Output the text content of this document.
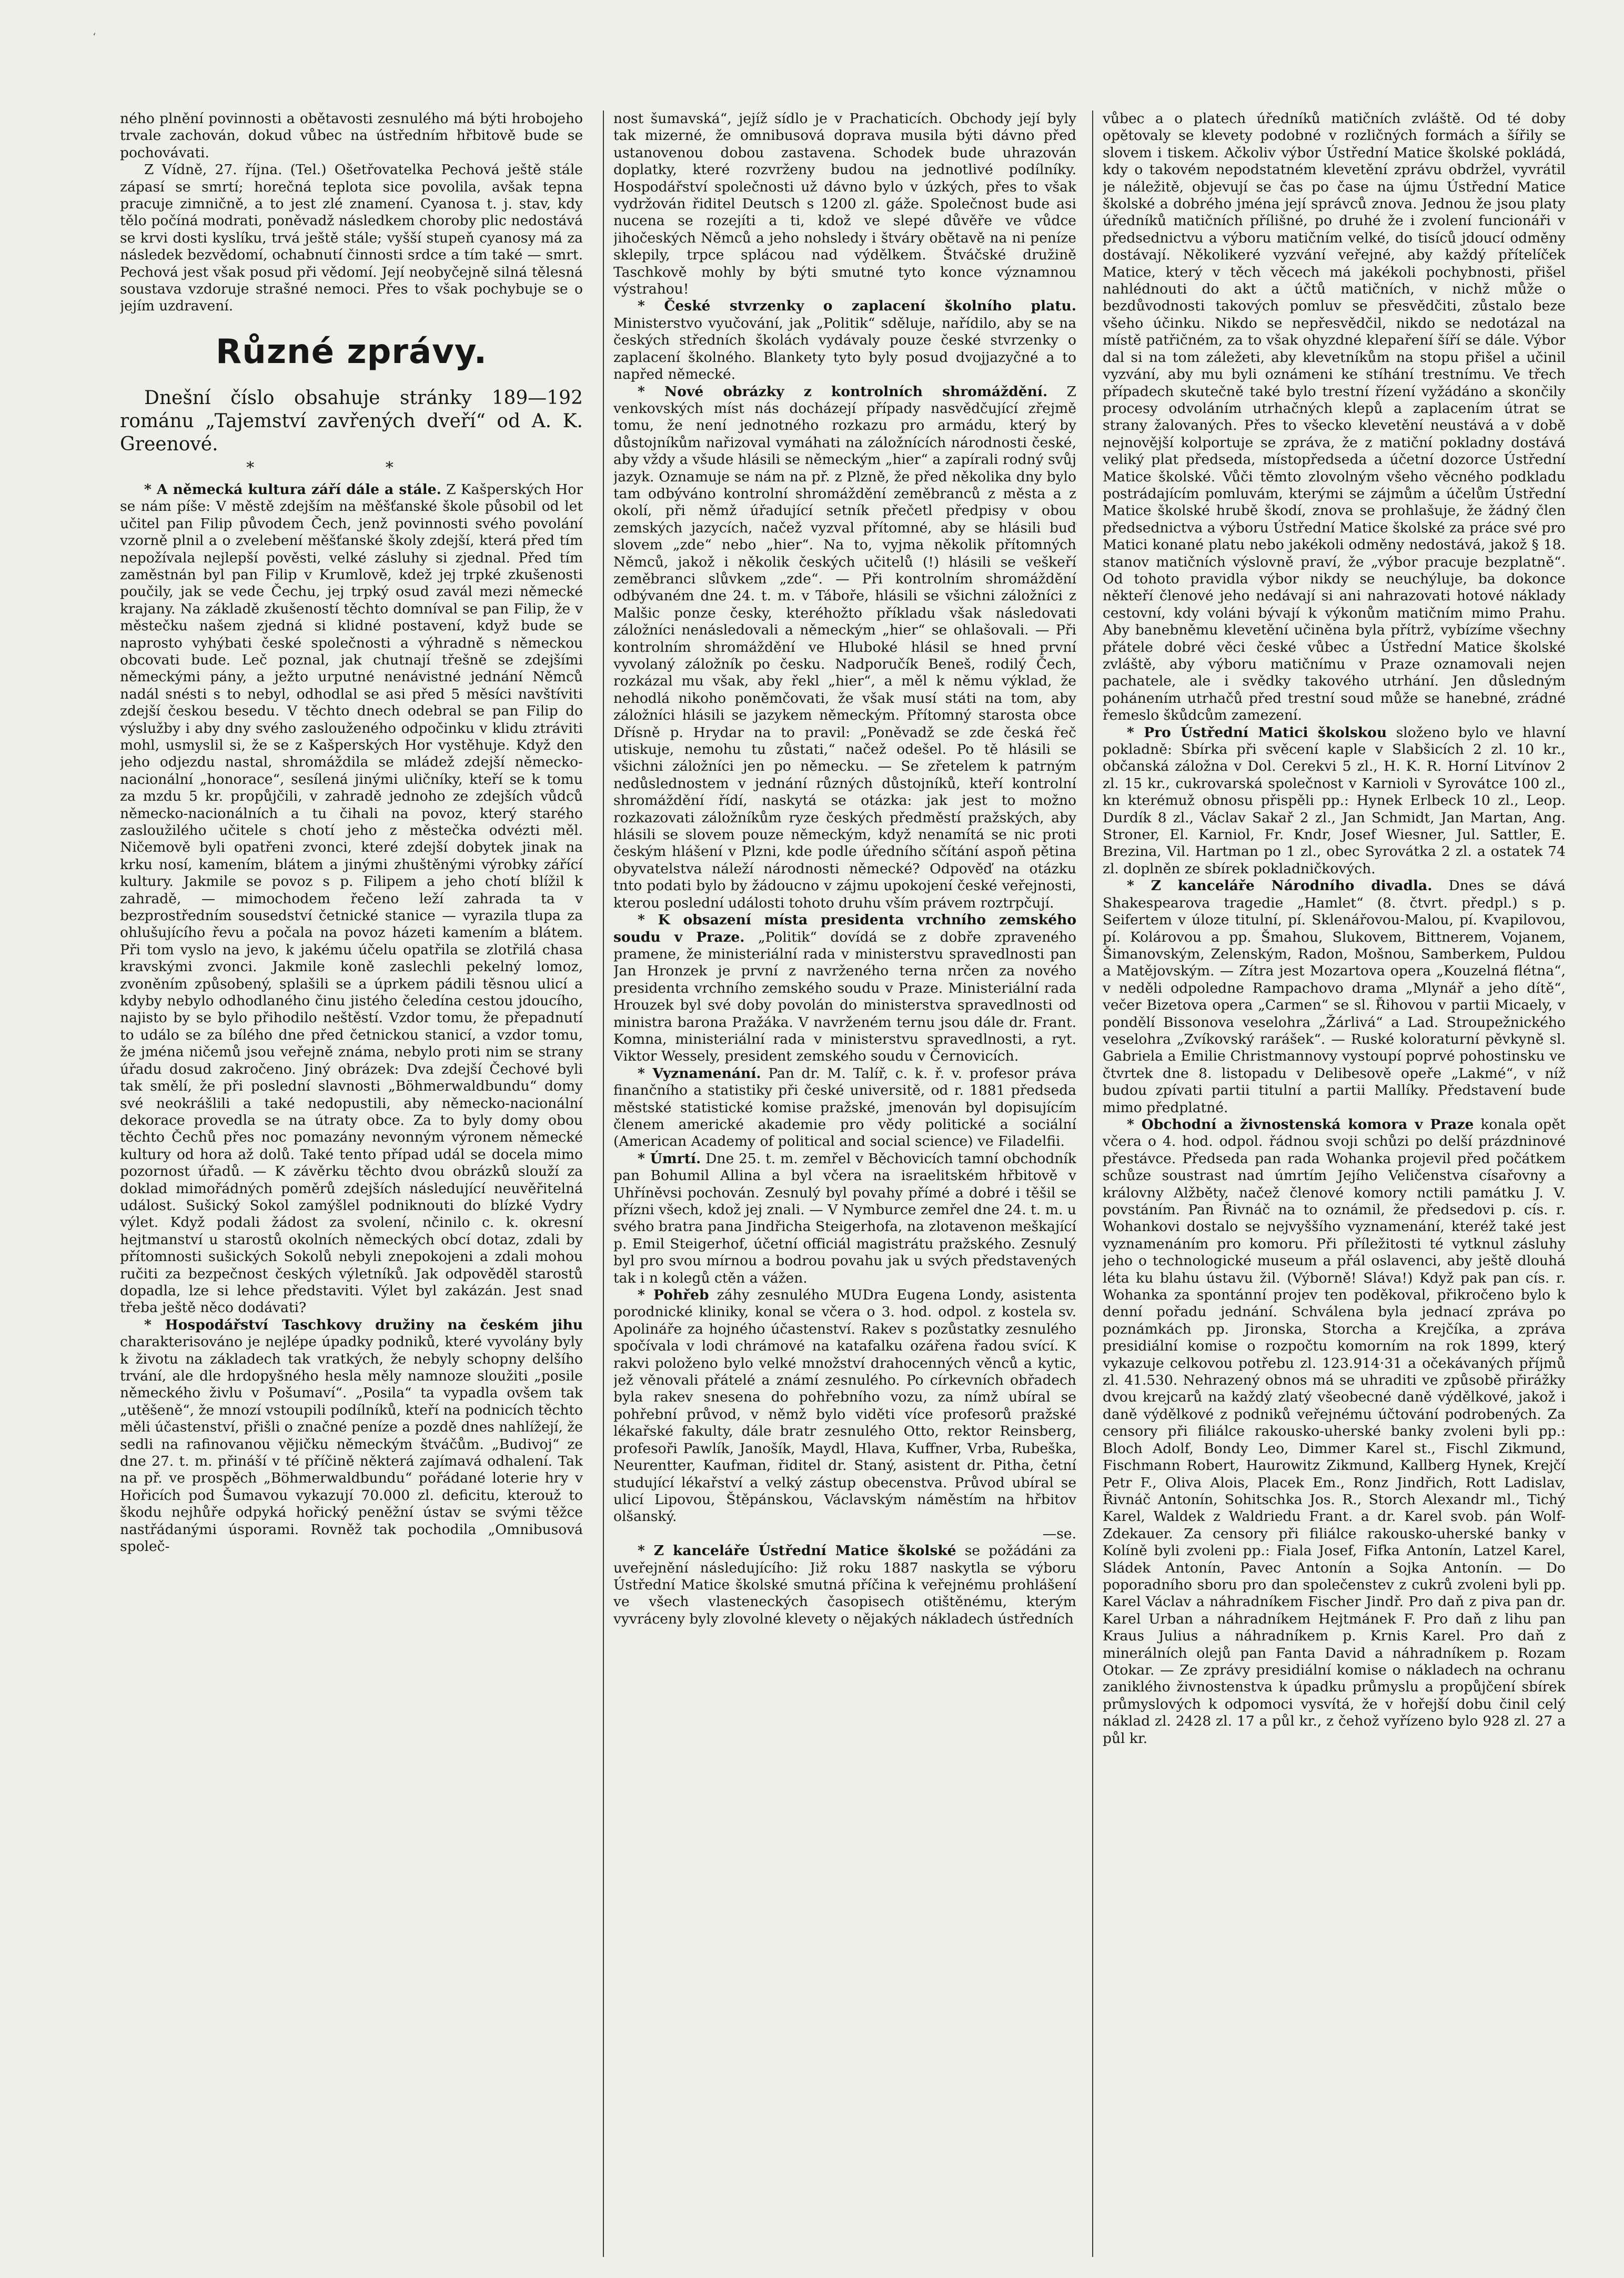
ʻ

ného plnění povinnosti a obětavosti zesnulého má býti hrobojeho trvale zachován, dokud vůbec na ústředním hřbitově bude se pochovávati.

Z Vídně, 27. října. (Tel.) Ošetřovatelka Pechová ještě stále zápasí se smrtí; horečná teplota sice povolila, avšak tepna pracuje zimničně, a to jest zlé znamení. Cyanosa t. j. stav, kdy tělo počíná modrati, poněvadž následkem choroby plic nedostává se krvi dosti kyslíku, trvá ještě stále; vyšší stupeň cyanosy má za následek bezvědomí, ochabnutí činnosti srdce a tím také — smrt. Pechová jest však posud při vědomí. Její neobyčejně silná tělesná soustava vzdoruje strašné nemoci. Přes to však pochybuje se o jejím uzdravení.

Různé zprávy.

Dnešní číslo obsahuje stránky 189—192 románu „Tajemství zavřených dveří“ od A. K. Greenové.

* *

* A německá kultura září dále a stále. Z Kašperských Hor se nám píše: V městě zdejším na měšťanské škole působil od let učitel pan Filip původem Čech, jenž povinnosti svého povolání vzorně plnil a o zvelebení měšťanské školy zdejší, která před tím nepožívala nejlepší pověsti, velké zásluhy si zjednal. Před tím zaměstnán byl pan Filip v Krumlově, kdež jej trpké zkušenosti poučily, jak se vede Čechu, jej trpký osud zavál mezi německé krajany. Na základě zkušeností těchto domníval se pan Filip, že v městečku našem zjedná si klidné postavení, když bude se naprosto vyhýbati české společnosti a výhradně s německou obcovati bude. Leč poznal, jak chutnají třešně se zdejšími německými pány, a ježto urputné nenávistné jednání Němců nadál snésti s to nebyl, odhodlal se asi před 5 měsíci navštíviti zdejší českou besedu. V těchto dnech odebral se pan Filip do výslužby i aby dny svého zaslouženého odpočinku v klidu ztráviti mohl, usmyslil si, že se z Kašperských Hor vystěhuje. Když den jeho odjezdu nastal, shromáždila se mládež zdejší německo-nacionální „honorace“, sesílená jinými uličníky, kteří se k tomu za mzdu 5 kr. propůjčili, v zahradě jednoho ze zdejších vůdců německo-nacionálních a tu čihali na povoz, který starého zasloužilého učitele s chotí jeho z městečka odvézti měl. Ničemově byli opatřeni zvonci, které zdejší dobytek jinak na krku nosí, kamením, blátem a jinými zhuštěnými výrobky zářící kultury. Jakmile se povoz s p. Filipem a jeho chotí blížil k zahradě, — mimochodem řečeno leží zahrada ta v bezprostředním sousedství četnické stanice — vyrazila tlupa za ohlušujícího řevu a počala na povoz házeti kamením a blátem. Při tom vyslo na jevo, k jakému účelu opatřila se zlotřilá chasa kravskými zvonci. Jakmile koně zaslechli pekelný lomoz, zvoněním způsobený, splašili se a úprkem pádili těsnou ulicí a kdyby nebylo odhodlaného činu jistého čeledína cestou jdoucího, najisto by se bylo přihodilo neštěstí. Vzdor tomu, že přepadnutí to událo se za bílého dne před četnickou stanicí, a vzdor tomu, že jména ničemů jsou veřejně známa, nebylo proti nim se strany úřadu dosud zakročeno. Jiný obrázek: Dva zdejší Čechové byli tak smělí, že při poslední slavnosti „Böhmerwaldbundu“ domy své neokrášlili a také nedopustili, aby německo-nacionální dekorace provedla se na útraty obce. Za to byly domy obou těchto Čechů přes noc pomazány nevonným výronem německé kultury od hora až dolů. Také tento případ udál se docela mimo pozornost úřadů. — K závěrku těchto dvou obrázků slouží za doklad mimořádných poměrů zdejších následující neuvěřitelná událost. Sušický Sokol zamýšlel podniknouti do blízké Vydry výlet. Když podali žádost za svolení, nčinilo c. k. okresní hejtmanství u starostů okolních německých obcí dotaz, zdali by přítomnosti sušických Sokolů nebyli znepokojeni a zdali mohou ručiti za bezpečnost českých výletníků. Jak odpověděl starostů dopadla, lze si lehce představiti. Výlet byl zakázán. Jest snad třeba ještě něco dodávati?

* Hospodářství Taschkovy družiny na českém jihu charakterisováno je nejlépe úpadky podniků, které vyvolány byly k životu na základech tak vratkých, že nebyly schopny delšího trvání, ale dle hrdopyšného hesla měly namnoze sloužiti „posile německého živlu v Pošumaví“. „Posila“ ta vypadla ovšem tak „utěšeně“, že mnozí vstoupili podílníků, kteří na podnicích těchto měli účastenství, přišli o značné peníze a pozdě dnes nahlížejí, že sedli na rafinovanou vějičku německým štváčům. „Budivoj“ ze dne 27. t. m. přináší v té příčině některá zajímavá odhalení. Tak na př. ve prospěch „Böhmerwaldbundu“ pořádané loterie hry v Hořicích pod Šumavou vykazují 70.000 zl. deficitu, kterouž to škodu nejhůře odpyká hořický peněžní ústav se svými těžce nastřádanými úsporami. Rovněž tak pochodila „Omnibusová společ-

nost šumavská“, jejíž sídlo je v Prachaticích. Obchody její byly tak mizerné, že omnibusová doprava musila býti dávno před ustanovenou dobou zastavena. Schodek bude uhrazován doplatky, které rozvrženy budou na jednotlivé podílníky. Hospodářství společnosti už dávno bylo v úzkých, přes to však vydržován řiditel Deutsch s 1200 zl. gáže. Společnost bude asi nucena se rozejíti a ti, kdož ve slepé důvěře ve vůdce jihočeských Němců a jeho nohsledy i štváry obětavě na ni peníze sklepily, trpce splácou nad výdělkem. Štváčské družině Taschkově mohly by býti smutné tyto konce významnou výstrahou!

* České stvrzenky o zaplacení školního platu. Ministerstvo vyučování, jak „Politik“ sděluje, nařídilo, aby se na českých středních školách vydávaly pouze české stvrzenky o zaplacení školného. Blankety tyto byly posud dvojjazyčné a to napřed německé.

* Nové obrázky z kontrolních shromáždění. Z venkovských míst nás docházejí případy nasvědčující zřejmě tomu, že není jednotného rozkazu pro armádu, který by důstojníkům nařizoval vymáhati na záložnících národnosti české, aby vždy a všude hlásili se německým „hier“ a zapírali rodný svůj jazyk. Oznamuje se nám na př. z Plzně, že před několika dny bylo tam odbýváno kontrolní shromáždění zeměbranců z města a z okolí, při němž úřadující setník přečetl předpisy v obou zemských jazycích, načež vyzval přítomné, aby se hlásili buď slovem „zde“ nebo „hier“. Na to, vyjma několik přítomných Němců, jakož i několik českých učitelů (!) hlásili se veškeří zeměbranci slůvkem „zde“. — Při kontrolním shromáždění odbývaném dne 24. t. m. v Táboře, hlásili se všichni záložníci z Malšic ponze česky, kteréhožto příkladu však následovati záložníci nenásledovali a německým „hier“ se ohlašovali. — Při kontrolním shromáždění ve Hluboké hlásil se hned první vyvolaný záložník po česku. Nadporučík Beneš, rodilý Čech, rozkázal mu však, aby řekl „hier“, a měl k němu výklad, že nehodlá nikoho poněmčovati, že však musí státi na tom, aby záložníci hlásili se jazykem německým. Přítomný starosta obce Dřísně p. Hrydar na to pravil: „Poněvadž se zde česká řeč utiskuje, nemohu tu zůstati,“ načež odešel. Po tě hlásili se všichni záložníci jen po německu. — Se zřetelem k patrným nedůslednostem v jednání různých důstojníků, kteří kontrolní shromáždění řídí, naskytá se otázka: jak jest to možno rozkazovati záložníkům ryze českých předměstí pražských, aby hlásili se slovem pouze německým, když nenamítá se nic proti českým hlášení v Plzni, kde podle úředního sčítání aspoň pětina obyvatelstva náleží národnosti německé? Odpověď na otázku tnto podati bylo by žádoucno v zájmu upokojení české veřejnosti, kterou poslední události tohoto druhu vším právem roztrpčují.

* K obsazení místa presidenta vrchního zemského soudu v Praze. „Politik“ dovídá se z dobře zpraveného pramene, že ministeriální rada v ministerstvu spravedlnosti pan Jan Hronzek je první z navrženého terna nrčen za nového presidenta vrchního zemského soudu v Praze. Ministeriální rada Hrouzek byl své doby povolán do ministerstva spravedlnosti od ministra barona Pražáka. V navrženém ternu jsou dále dr. Frant. Komna, ministeriální rada v ministerstvu spravedlnosti, a ryt. Viktor Wessely, president zemského soudu v Černovicích.

* Vyznamenání. Pan dr. M. Talíř, c. k. ř. v. profesor práva finančního a statistiky při české universitě, od r. 1881 předseda městské statistické komise pražské, jmenován byl dopisujícím členem americké akademie pro vědy politické a sociální (American Academy of political and social science) ve Filadelfii.

* Úmrtí. Dne 25. t. m. zemřel v Běchovicích tamní obchodník pan Bohumil Allina a byl včera na israelitském hřbitově v Uhříněvsi pochován. Zesnulý byl povahy přímé a dobré i těšil se přízni všech, kdož jej znali. — V Nymburce zemřel dne 24. t. m. u svého bratra pana Jindřicha Steigerhofa, na zlotavenon meškající p. Emil Steigerhof, účetní officiál magistrátu pražského. Zesnulý byl pro svou mírnou a bodrou povahu jak u svých představených tak i n kolegů ctěn a vážen.

* Pohřeb záhy zesnulého MUDra Eugena Londy, asistenta porodnické kliniky, konal se včera o 3. hod. odpol. z kostela sv. Apolináře za hojného účastenství. Rakev s pozůstatky zesnulého spočívala v lodi chrámové na katafalku ozářena řadou svící. K rakvi položeno bylo velké množství drahocenných věnců a kytic, jež věnovali přátelé a známí zesnulého. Po církevních obřadech byla rakev snesena do pohřebního vozu, za nímž ubíral se pohřební průvod, v němž bylo viděti více profesorů pražské lékařské fakulty, dále bratr zesnulého Otto, rektor Reinsberg, profesoři Pawlík, Janošík, Maydl, Hlava, Kuffner, Vrba, Rubeška, Neurentter, Kaufman, řiditel dr. Staný, asistent dr. Pitha, četní studující lékařství a velký zástup obecenstva. Průvod ubíral se ulicí Lipovou, Štěpánskou, Václavským náměstím na hřbitov olšanský.

—se.

* Z kanceláře Ústřední Matice školské se požádáni za uveřejnění následujícího: Již roku 1887 naskytla se výboru Ústřední Matice školské smutná příčina k veřejnému prohlášení ve všech vlasteneckých časopisech otištěnému, kterým vyvráceny byly zlovolné klevety o nějakých nákladech ústředních

vůbec a o platech úředníků matičních zvláště. Od té doby opětovaly se klevety podobné v rozličných formách a šířily se slovem i tiskem. Ačkoliv výbor Ústřední Matice školské pokládá, kdy o takovém nepodstatném klevetění zprávu obdržel, vyvrátil je náležitě, objevují se čas po čase na újmu Ústřední Matice školské a dobrého jména její správců znova. Jednou že jsou platy úředníků matičních přílišné, po druhé že i zvolení funcionáři v předsednictvu a výboru matičním velké, do tisíců jdoucí odměny dostávají. Několikeré vyzvání veřejné, aby každý přítelíček Matice, který v těch věcech má jakékoli pochybnosti, přišel nahlédnouti do akt a účtů matičních, v nichž může o bezdůvodnosti takových pomluv se přesvědčiti, zůstalo beze všeho účinku. Nikdo se nepřesvědčil, nikdo se nedotázal na místě patřičném, za to však ohyzdné klepaření šíří se dále. Výbor dal si na tom záležeti, aby klevetníkům na stopu přišel a učinil vyzvání, aby mu byli oznámeni ke stíhání trestnímu. Ve třech případech skutečně také bylo trestní řízení vyžádáno a skončily procesy odvoláním utrhačných klepů a zaplacením útrat se strany žalovaných. Přes to všecko klevetění neustává a v době nejnovější kolportuje se zpráva, že z matiční pokladny dostává veliký plat předseda, místopředseda a účetní dozorce Ústřední Matice školské. Vůči těmto zlovolným všeho věcného podkladu postrádajícím pomluvám, kterými se zájmům a účelům Ústřední Matice školské hrubě škodí, znova se prohlašuje, že žádný člen předsednictva a výboru Ústřední Matice školské za práce své pro Matici konané platu nebo jakékoli odměny nedostává, jakož § 18. stanov matičních výslovně praví, že „výbor pracuje bezplatně“. Od tohoto pravidla výbor nikdy se neuchýluje, ba dokonce někteří členové jeho nedávají si ani nahrazovati hotové náklady cestovní, kdy voláni bývají k výkonům matičním mimo Prahu. Aby banebněmu klevetění učiněna byla přítrž, vybízíme všechny přátele dobré věci české vůbec a Ústřední Matice školské zvláště, aby výboru matičnímu v Praze oznamovali nejen pachatele, ale i svědky takového utrhání. Jen důsledným pohánením utrhačů před trestní soud může se hanebné, zrádné řemeslo škůdcům zamezení.

* Pro Ústřední Matici školskou složeno bylo ve hlavní pokladně: Sbírka při svěcení kaple v Slabšicích 2 zl. 10 kr., občanská záložna v Dol. Cerekvi 5 zl., H. K. R. Horní Litvínov 2 zl. 15 kr., cukrovarská společnost v Karnioli v Syrovátce 100 zl., kn kterémuž obnosu přispěli pp.: Hynek Erlbeck 10 zl., Leop. Durdík 8 zl., Václav Sakař 2 zl., Jan Schmidt, Jan Martan, Ang. Stroner, El. Karniol, Fr. Kndr, Josef Wiesner, Jul. Sattler, E. Brezina, Vil. Hartman po 1 zl., obec Syrovátka 2 zl. a ostatek 74 zl. doplněn ze sbírek pokladničkových.

* Z kanceláře Národního divadla. Dnes se dává Shakespearova tragedie „Hamlet“ (8. čtvrt. předpl.) s p. Seifertem v úloze titulní, pí. Sklenářovou-Malou, pí. Kvapilovou, pí. Kolárovou a pp. Šmahou, Slukovem, Bittnerem, Vojanem, Šimanovským, Zelenským, Radon, Mošnou, Samberkem, Puldou a Matějovským. — Zítra jest Mozartova opera „Kouzelná flétna“, v neděli odpoledne Rampachovo drama „Mlynář a jeho dítě“, večer Bizetova opera „Carmen“ se sl. Řihovou v partii Micaely, v pondělí Bissonova veselohra „Žárlivá“ a Lad. Stroupežnického veselohra „Zvíkovský rarášek“. — Ruské koloraturní pěvkyně sl. Gabriela a Emilie Christmannovy vystoupí poprvé pohostinsku ve čtvrtek dne 8. listopadu v Delibesově opeře „Lakmé“, v níž budou zpívati partii titulní a partii Mallíky. Představení bude mimo předplatné.

* Obchodní a živnostenská komora v Praze konala opět včera o 4. hod. odpol. řádnou svoji schůzi po delší prázdninové přestávce. Předseda pan rada Wohanka projevil před počátkem schůze soustrast nad úmrtím Jejího Veličenstva císařovny a královny Alžběty, načež členové komory nctili památku J. V. povstáním. Pan Řivnáč na to oznámil, že předsedovi p. cís. r. Wohankovi dostalo se nejvyššího vyznamenání, kteréž také jest vyznamenáním pro komoru. Při příležitosti té vytknul zásluhy jeho o technologické museum a přál oslavenci, aby ještě dlouhá léta ku blahu ústavu žil. (Výborně! Sláva!) Když pak pan cís. r. Wohanka za spontánní projev ten poděkoval, přikročeno bylo k denní pořadu jednání. Schválena byla jednací zpráva po poznámkách pp. Jironska, Storcha a Krejčíka, a zpráva presidiální komise o rozpočtu komorním na rok 1899, který vykazuje celkovou potřebu zl. 123.914·31 a očekávaných příjmů zl. 41.530. Nehrazený obnos má se uhraditi ve způsobě přirážky dvou krejcarů na každý zlatý všeobecné daně výdělkové, jakož i daně výdělkové z podniků veřejnému účtování podrobených. Za censory při filiálce rakousko-uherské banky zvoleni byli pp.: Bloch Adolf, Bondy Leo, Dimmer Karel st., Fischl Zikmund, Fischmann Robert, Haurowitz Zikmund, Kallberg Hynek, Krejčí Petr F., Oliva Alois, Placek Em., Ronz Jindřich, Rott Ladislav, Řivnáč Antonín, Sohitschka Jos. R., Storch Alexandr ml., Tichý Karel, Waldek z Waldriedu Frant. a dr. Karel svob. pán Wolf-Zdekauer. Za censory při filiálce rakousko-uherské banky v Kolíně byli zvoleni pp.: Fiala Josef, Fifka Antonín, Latzel Karel, Sládek Antonín, Pavec Antonín a Sojka Antonín. — Do poporadního sboru pro dan společenstev z cukrů zvoleni byli pp. Karel Václav a náhradníkem Fischer Jindř. Pro daň z piva pan dr. Karel Urban a náhradníkem Hejtmánek F. Pro daň z lihu pan Kraus Julius a náhradníkem p. Krnis Karel. Pro daň z minerálních olejů pan Fanta David a náhradníkem p. Rozam Otokar. — Ze zprávy presidiální komise o nákladech na ochranu zaniklého živnostenstva k úpadku průmyslu a propůjčení sbírek průmyslových k odpomoci vysvítá, že v hořejší dobu činil celý náklad zl. 2428 zl. 17 a půl kr., z čehož vyřízeno bylo 928 zl. 27 a půl kr.
